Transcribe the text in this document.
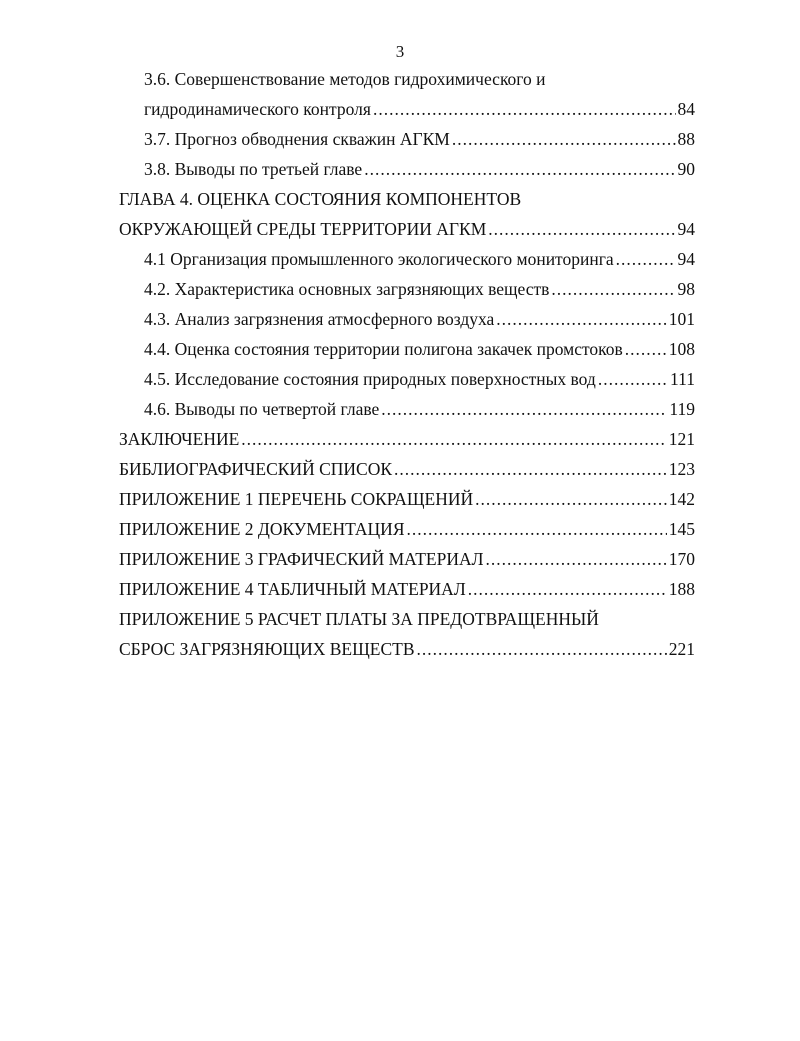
3
3.6. Совершенствование методов гидрохимического и
гидродинамического контроля .....	84
3.7. Прогноз обводнения скважин АГКМ .....	88
3.8. Выводы по третьей главе .....	90
ГЛАВА 4. ОЦЕНКА СОСТОЯНИЯ КОМПОНЕНТОВ
ОКРУЖАЮЩЕЙ СРЕДЫ ТЕРРИТОРИИ АГКМ .....	94
4.1 Организация промышленного экологического мониторинга .....	94
4.2. Характеристика основных загрязняющих веществ .....	98
4.3. Анализ загрязнения атмосферного воздуха .....	101
4.4. Оценка состояния территории полигона закачек промстоков .....	108
4.5. Исследование состояния природных поверхностных вод .....	111
4.6. Выводы по четвертой главе .....	119
ЗАКЛЮЧЕНИЕ .....	121
БИБЛИОГРАФИЧЕСКИЙ СПИСОК .....	123
ПРИЛОЖЕНИЕ 1 ПЕРЕЧЕНЬ СОКРАЩЕНИЙ .....	142
ПРИЛОЖЕНИЕ 2 ДОКУМЕНТАЦИЯ .....	145
ПРИЛОЖЕНИЕ 3 ГРАФИЧЕСКИЙ МАТЕРИАЛ .....	170
ПРИЛОЖЕНИЕ 4 ТАБЛИЧНЫЙ МАТЕРИАЛ .....	188
ПРИЛОЖЕНИЕ 5 РАСЧЕТ ПЛАТЫ ЗА ПРЕДОТВРАЩЕННЫЙ
СБРОС ЗАГРЯЗНЯЮЩИХ ВЕЩЕСТВ .....	221
